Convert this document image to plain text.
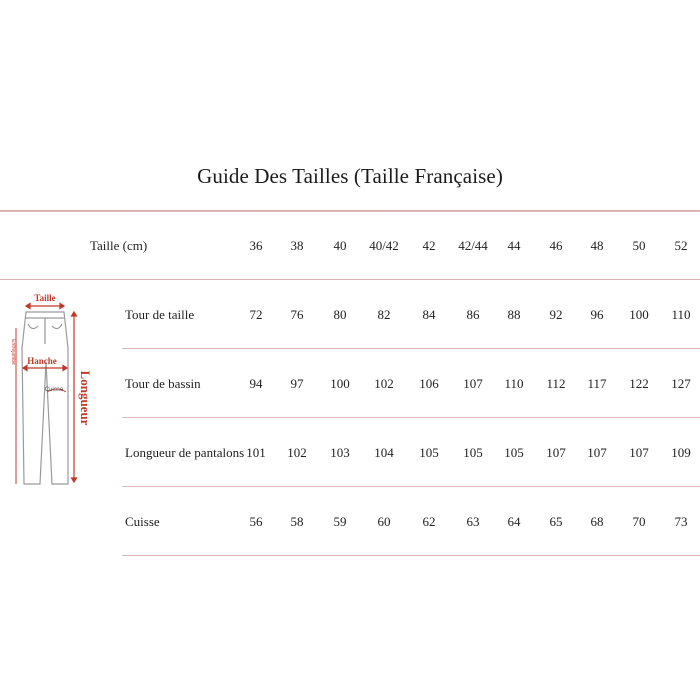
Guide Des Tailles (Taille Française)
Taille (cm)	36 38 40 40/42 42 42/44 44 46 48 50 52
Tour de taille	72 76 80 82 84 86 88 92 96 100 110
Tour de bassin	94 97 100 102 106 107 110 112 117 122 127
Longueur de pantalons 101 102 103 104 105 105 105 107 107 107 109
Cuisse	56 58 59 60 62 63 64 65 68 70 73
Taille
Hanche
Cuisse
Entrejambe
Longueur
